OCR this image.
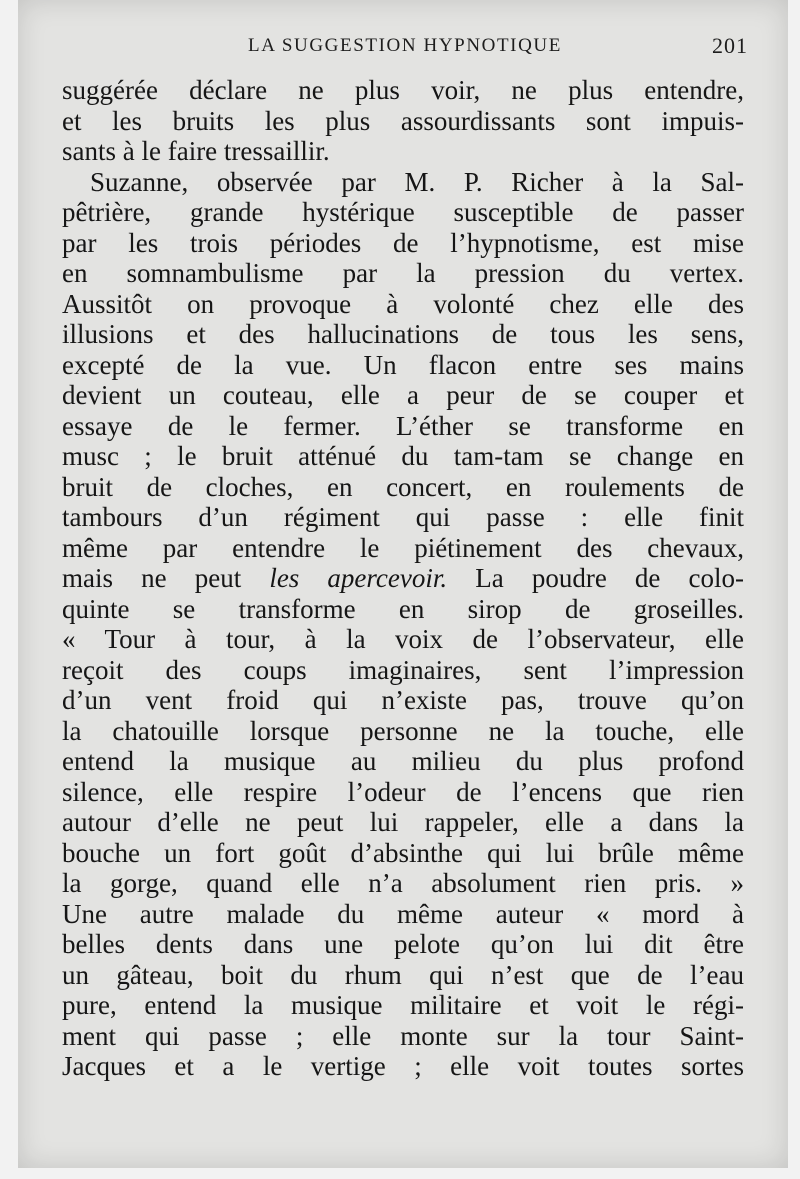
LA SUGGESTION HYPNOTIQUE	201
suggérée déclare ne plus voir, ne plus entendre,
et les bruits les plus assourdissants sont impuis-
sants à le faire tressaillir.
Suzanne, observée par M. P. Richer à la Sal-
pêtrière, grande hystérique susceptible de passer
par les trois périodes de l’hypnotisme, est mise
en somnambulisme par la pression du vertex.
Aussitôt on provoque à volonté chez elle des
illusions et des hallucinations de tous les sens,
excepté de la vue. Un flacon entre ses mains
devient un couteau, elle a peur de se couper et
essaye de le fermer. L’éther se transforme en
musc ; le bruit atténué du tam-tam se change en
bruit de cloches, en concert, en roulements de
tambours d’un régiment qui passe : elle finit
même par entendre le piétinement des chevaux,
mais ne peut les apercevoir. La poudre de colo-
quinte se transforme en sirop de groseilles.
« Tour à tour, à la voix de l’observateur, elle
reçoit des coups imaginaires, sent l’impression
d’un vent froid qui n’existe pas, trouve qu’on
la chatouille lorsque personne ne la touche, elle
entend la musique au milieu du plus profond
silence, elle respire l’odeur de l’encens que rien
autour d’elle ne peut lui rappeler, elle a dans la
bouche un fort goût d’absinthe qui lui brûle même
la gorge, quand elle n’a absolument rien pris. »
Une autre malade du même auteur « mord à
belles dents dans une pelote qu’on lui dit être
un gâteau, boit du rhum qui n’est que de l’eau
pure, entend la musique militaire et voit le régi-
ment qui passe ; elle monte sur la tour Saint-
Jacques et a le vertige ; elle voit toutes sortes
